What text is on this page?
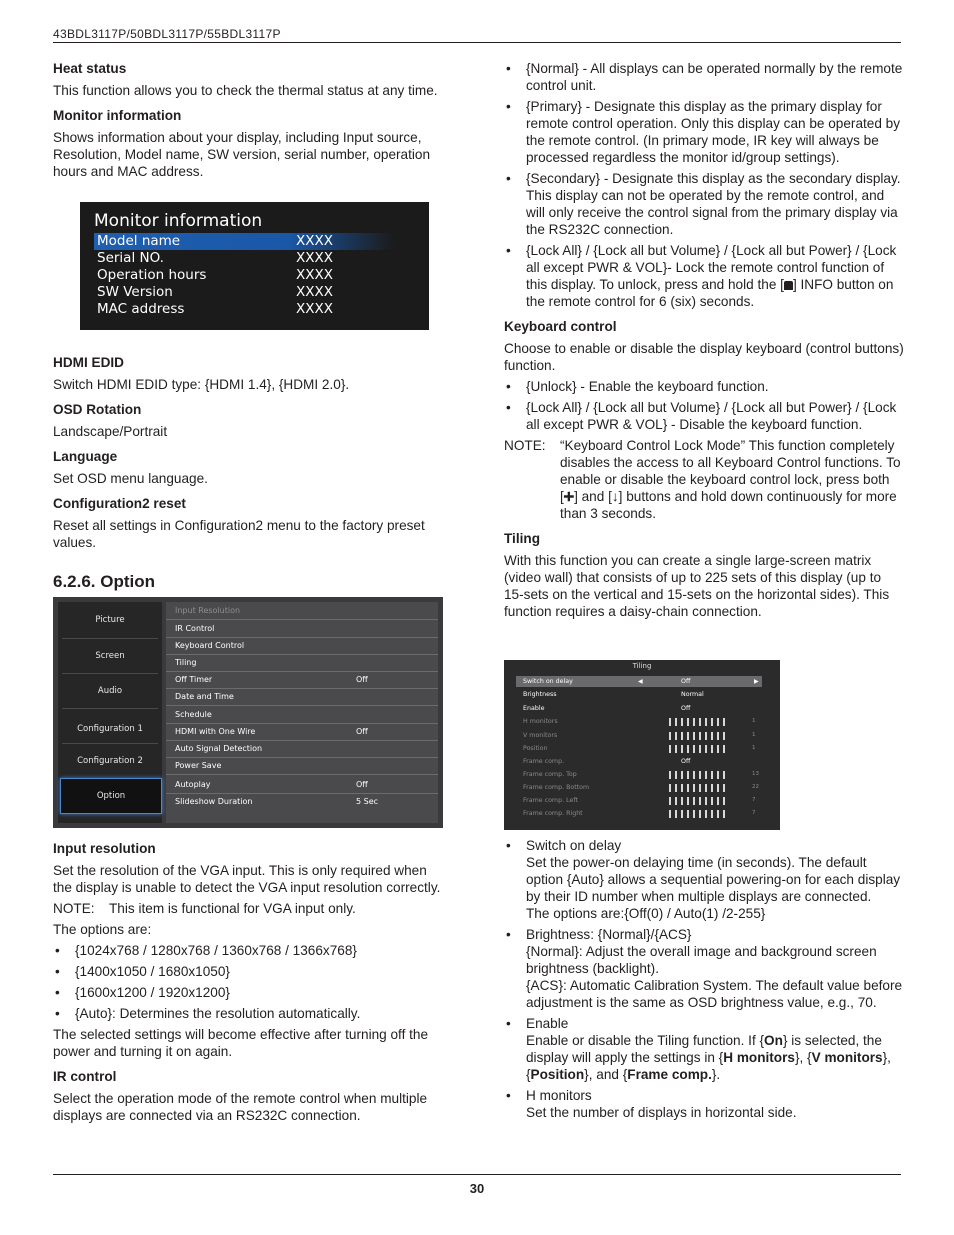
43BDL3117P/50BDL3117P/55BDL3117P

Heat status

This function allows you to check the thermal status at any time.

Monitor information

Shows information about your display, including Input source, Resolution, Model name, SW version, serial number, operation hours and MAC address.

Monitor information
Model name	XXXX
Serial NO.	XXXX
Operation hours	XXXX
SW Version	XXXX
MAC address	XXXX

HDMI EDID

Switch HDMI EDID type: {HDMI 1.4}, {HDMI 2.0}.

OSD Rotation

Landscape/Portrait

Language

Set OSD menu language.

Configuration2 reset

Reset all settings in Configuration2 menu to the factory preset values.

6.2.6. Option
Picture
Screen
Audio
Configuration 1
Configuration 2
Option
Input Resolution
IR Control
Keyboard Control
Tiling
Off Timer	Off
Date and Time
Schedule
HDMI with One Wire	Off
Auto Signal Detection
Power Save
Autoplay	Off
Slideshow Duration	5 Sec

Input resolution

Set the resolution of the VGA input. This is only required when the display is unable to detect the VGA input resolution correctly.

NOTE:	This item is functional for VGA input only.

The options are:

• {1024x768 / 1280x768 / 1360x768 / 1366x768}

• {1400x1050 / 1680x1050}

• {1600x1200 / 1920x1200}

• {Auto}: Determines the resolution automatically.

The selected settings will become effective after turning off the power and turning it on again.

IR control

Select the operation mode of the remote control when multiple displays are connected via an RS232C connection.

• {Normal} - All displays can be operated normally by the remote control unit.

• {Primary} - Designate this display as the primary display for remote control operation. Only this display can be operated by the remote control. (In primary mode, IR key will always be processed regardless the monitor id/group settings).

• {Secondary} - Designate this display as the secondary display. This display can not be operated by the remote control, and will only receive the control signal from the primary display via the RS232C connection.

• {Lock All} / {Lock all but Volume} / {Lock all but Power} / {Lock all except PWR & VOL}- Lock the remote control function of this display. To unlock, press and hold the [ ] INFO button on the remote control for 6 (six) seconds.

Keyboard control

Choose to enable or disable the display keyboard (control buttons) function.

• {Unlock} - Enable the keyboard function.

• {Lock All} / {Lock all but Volume} / {Lock all but Power} / {Lock all except PWR & VOL} - Disable the keyboard function.

NOTE:	“Keyboard Control Lock Mode” This function completely disables the access to all Keyboard Control functions. To enable or disable the keyboard control lock, press both [➕︎] and [↓] buttons and hold down continuously for more than 3 seconds.

Tiling

With this function you can create a single large-screen matrix (video wall) that consists of up to 225 sets of this display (up to 15-sets on the vertical and 15-sets on the horizontal sides). This function requires a daisy-chain connection.

Tiling
Switch on delay	Off
◀	▶
Brightness	Normal
Enable	Off
H monitors	1
V monitors	1
Position	1
Frame comp.	Off
Frame comp. Top	13
Frame comp. Bottom	22
Frame comp. Left	7
Frame comp. Right	7

• Switch on delay

Set the power-on delaying time (in seconds). The default option {Auto} allows a sequential powering-on for each display by their ID number when multiple displays are connected.

The options are:{Off(0) / Auto(1) /2-255}

• Brightness: {Normal}/{ACS}

{Normal}: Adjust the overall image and background screen brightness (backlight).

{ACS}: Automatic Calibration System. The default value before adjustment is the same as OSD brightness value, e.g., 70.

• Enable

Enable or disable the Tiling function. If {On} is selected, the display will apply the settings in {H monitors}, {V monitors}, {Position}, and {Frame comp.}.

• H monitors

Set the number of displays in horizontal side.

30
